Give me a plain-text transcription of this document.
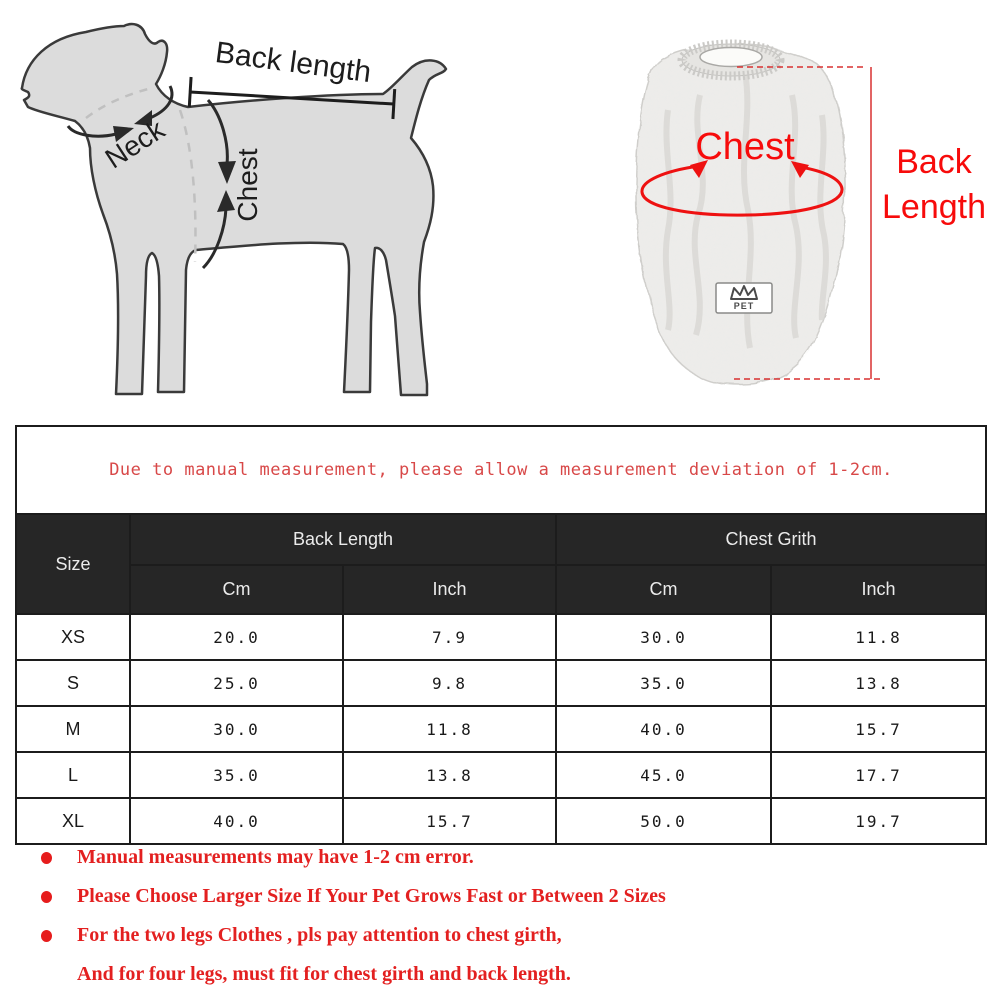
Back length
Neck
Chest
PET
Chest	Back Length
Due to manual measurement, please allow a measurement deviation of 1-2cm.				

Size	Back Length		Chest Grith	
	Cm	Inch	Cm	Inch
XS	20.0	7.9	30.0	11.8
S	25.0	9.8	35.0	13.8
M	30.0	11.8	40.0	15.7
L	35.0	13.8	45.0	17.7
XL	40.0	15.7	50.0	19.7
Manual measurements may have 1-2 cm error.
Please Choose Larger Size If Your Pet Grows Fast or Between 2 Sizes
For the two legs Clothes , pls pay attention to chest girth,
And for four legs, must fit for chest girth and back length.
